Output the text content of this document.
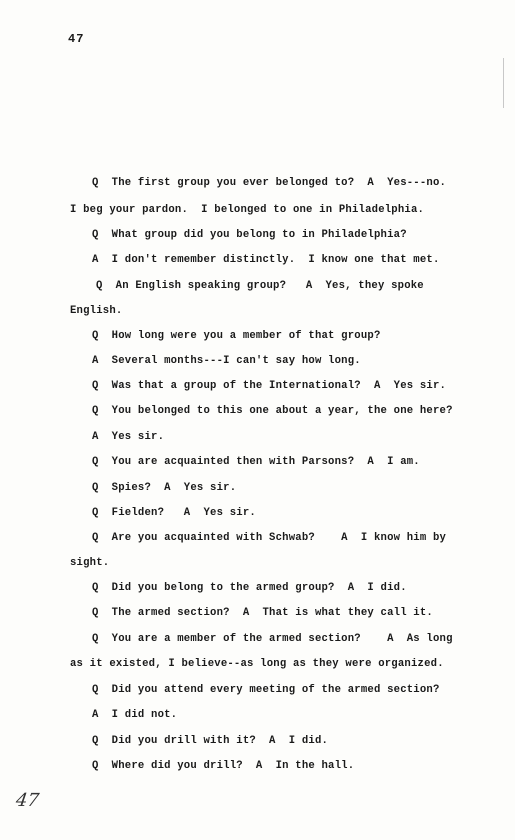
47
Q  The first group you ever belonged to?  A  Yes---no.
I beg your pardon.  I belonged to one in Philadelphia.
Q  What group did you belong to in Philadelphia?
A  I don't remember distinctly.  I know one that met.
Q  An English speaking group?   A  Yes, they spoke
English.
Q  How long were you a member of that group?
A  Several months---I can't say how long.
Q  Was that a group of the International?  A  Yes sir.
Q  You belonged to this one about a year, the one here?
A  Yes sir.
Q  You are acquainted then with Parsons?  A  I am.
Q  Spies?  A  Yes sir.
Q  Fielden?   A  Yes sir.
Q  Are you acquainted with Schwab?    A  I know him by
sight.
Q  Did you belong to the armed group?  A  I did.
Q  The armed section?  A  That is what they call it.
Q  You are a member of the armed section?    A  As long
as it existed, I believe--as long as they were organized.
Q  Did you attend every meeting of the armed section?
A  I did not.
Q  Did you drill with it?  A  I did.
Q  Where did you drill?  A  In the hall.
47
